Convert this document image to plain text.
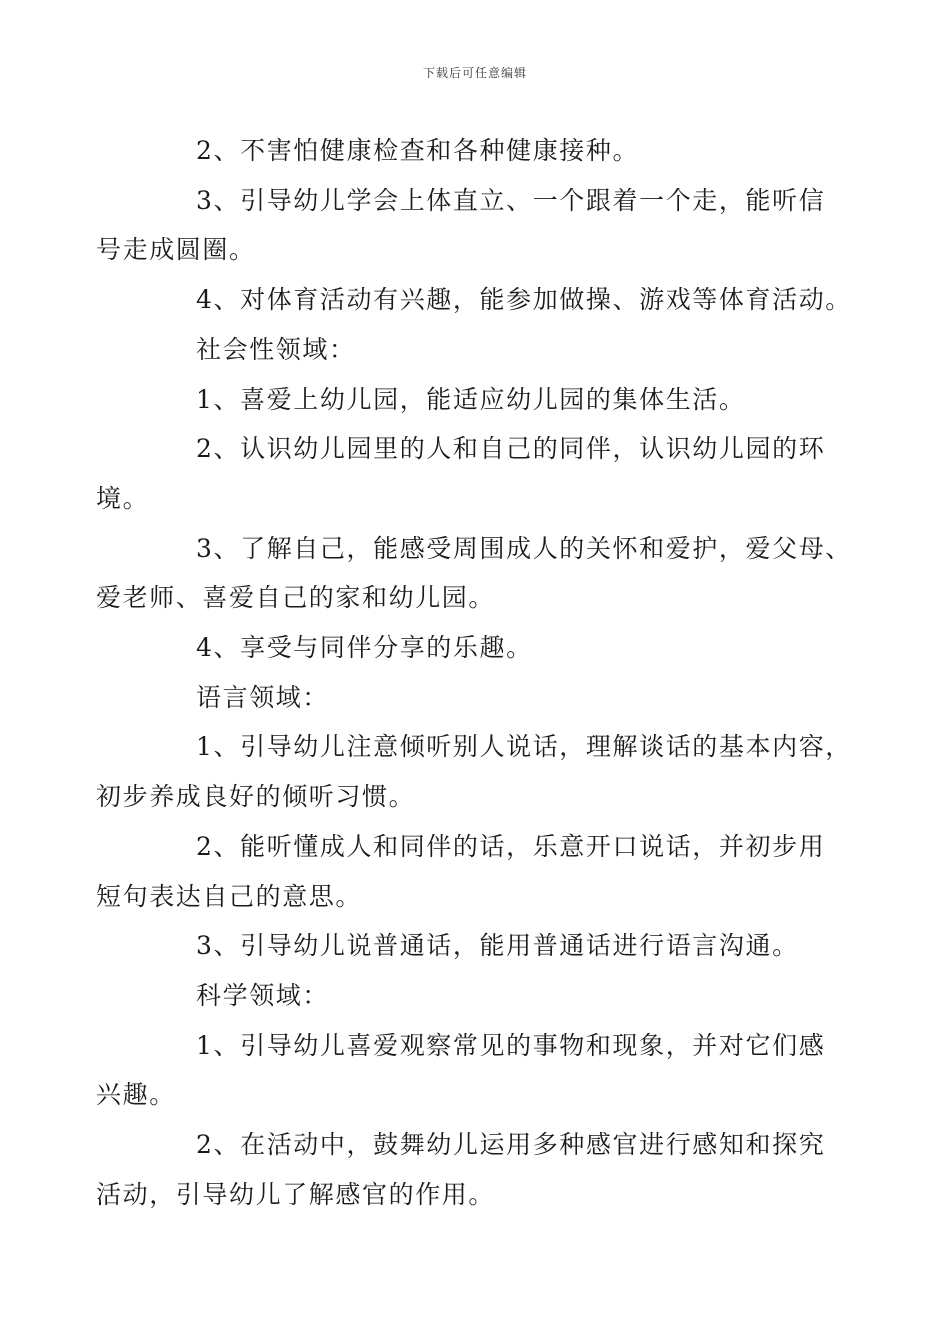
下载后可任意编辑

2、不害怕健康检查和各种健康接种。

3、引导幼儿学会上体直立、一个跟着一个走，能听信
号走成圆圈。

4、对体育活动有兴趣，能参加做操、游戏等体育活动。

社会性领域：

1、喜爱上幼儿园，能适应幼儿园的集体生活。

2、认识幼儿园里的人和自己的同伴，认识幼儿园的环
境。

3、了解自己，能感受周围成人的关怀和爱护，爱父母、
爱老师、喜爱自己的家和幼儿园。

4、享受与同伴分享的乐趣。

语言领域：

1、引导幼儿注意倾听别人说话，理解谈话的基本内容，
初步养成良好的倾听习惯。

2、能听懂成人和同伴的话，乐意开口说话，并初步用
短句表达自己的意思。

3、引导幼儿说普通话，能用普通话进行语言沟通。

科学领域：

1、引导幼儿喜爱观察常见的事物和现象，并对它们感
兴趣。

2、在活动中，鼓舞幼儿运用多种感官进行感知和探究
活动，引导幼儿了解感官的作用。
